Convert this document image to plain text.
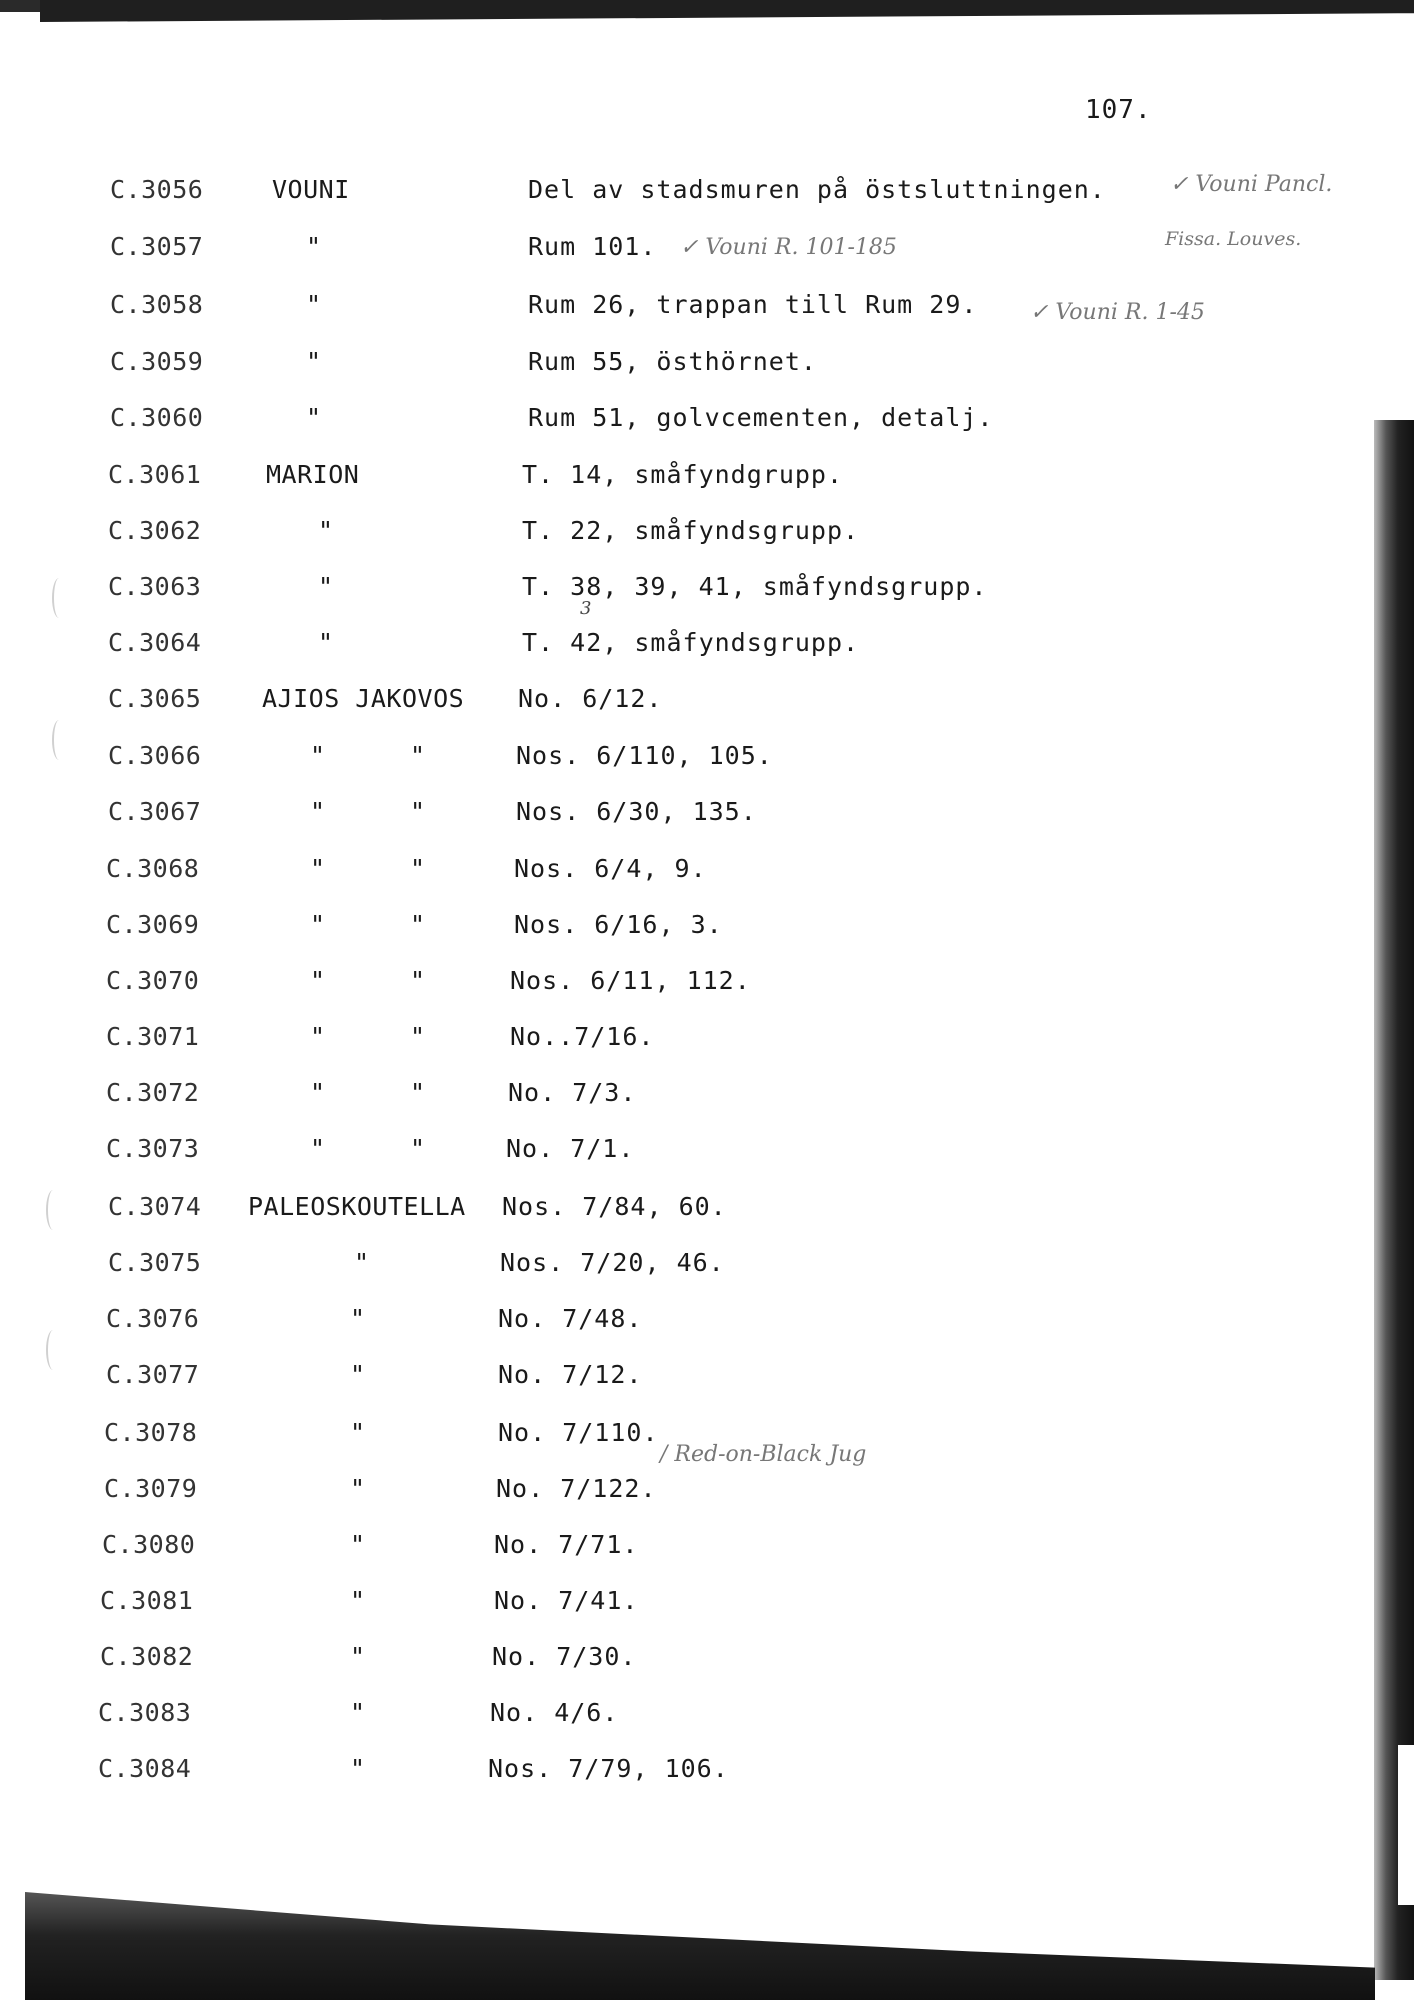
107.
C.3056	VOUNI	Del av stadsmuren på östsluttningen.
C.3057	"	Rum 101.
C.3058	"	Rum 26, trappan till Rum 29.
C.3059	"	Rum 55, östhörnet.
C.3060	"	Rum 51, golvcementen, detalj.
C.3061	MARION	T. 14, småfyndgrupp.
C.3062	"	T. 22, småfyndsgrupp.
C.3063	"	T. 38, 39, 41, småfyndsgrupp.
C.3064	"	T. 42, småfyndsgrupp.
C.3065 AJIOS JAKOVOS No. 6/12.
C.3066	"	"	Nos. 6/110, 105.
C.3067	"	"	Nos. 6/30, 135.
C.3068	"	"	Nos. 6/4, 9.
C.3069	"	"	Nos. 6/16, 3.
C.3070	"	"	Nos. 6/11, 112.
C.3071	"	"	No..7/16.
C.3072	"	"	No. 7/3.
C.3073	"	"	No. 7/1.
C.3074 PALEOSKOUTELLA Nos. 7/84, 60.
C.3075	"	Nos. 7/20, 46.
C.3076	"	No. 7/48.
C.3077	"	No. 7/12.
C.3078	"	No. 7/110.
C.3079	"	No. 7/122.
C.3080	"	No. 7/71.
C.3081	"	No. 7/41.
C.3082	"	No. 7/30.
C.3083	"	No. 4/6.
C.3084	"	Nos. 7/79, 106.
✓ Vouni Pancl.
Fissa. Louves.
✓ Vouni R. 101-185
✓ Vouni R. 1-45
/ Red-on-Black Jug
3
